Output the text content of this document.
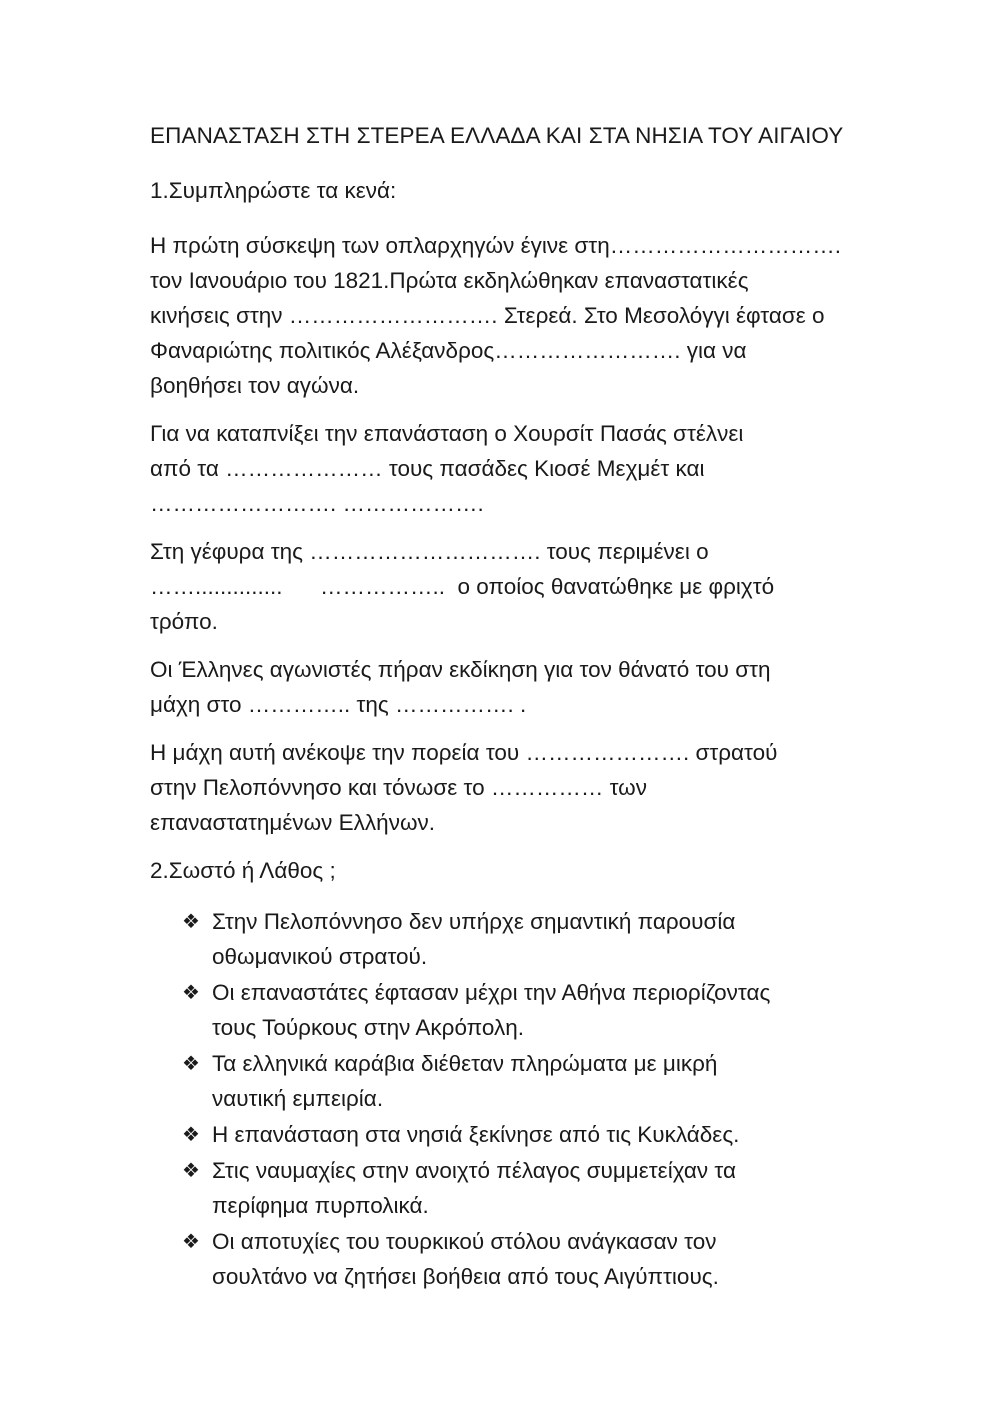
ΕΠΑΝΑΣΤΑΣΗ ΣΤΗ ΣΤΕΡΕΑ ΕΛΛΑΔΑ ΚΑΙ ΣΤΑ ΝΗΣΙΑ ΤΟΥ ΑΙΓΑΙΟΥ
1.Συμπληρώστε τα κενά:
Η πρώτη σύσκεψη των οπλαρχηγών έγινε στη………………………….
τον Ιανουάριο του 1821.Πρώτα εκδηλώθηκαν επαναστατικές
κινήσεις στην ………………………. Στερεά. Στο Μεσολόγγι έφτασε ο
Φαναριώτης πολιτικός Αλέξανδρος……………………. για να
βοηθήσει τον αγώνα.
Για να καταπνίξει την επανάσταση ο Χουρσίτ Πασάς στέλνει
από τα ………………… τους πασάδες Κιοσέ Μεχμέτ και
……………………. ……………….
Στη γέφυρα της …………………………. τους περιμένει ο
……..............      ……………..  ο οποίος θανατώθηκε με φριχτό
τρόπο.
Οι Έλληνες αγωνιστές πήραν εκδίκηση για τον θάνατό του στη
μάχη στο ………….. της ……………. .
Η μάχη αυτή ανέκοψε την πορεία του …………………. στρατού
στην Πελοπόννησο και τόνωσε το …………… των
επαναστατημένων Ελλήνων.
2.Σωστό ή Λάθος ;
❖ Στην Πελοπόννησο δεν υπήρχε σημαντική παρουσία
οθωμανικού στρατού.
❖ Οι επαναστάτες έφτασαν μέχρι την Αθήνα περιορίζοντας
τους Τούρκους στην Ακρόπολη.
❖ Τα ελληνικά καράβια διέθεταν πληρώματα με μικρή
ναυτική εμπειρία.
❖ Η επανάσταση στα νησιά ξεκίνησε από τις Κυκλάδες.
❖ Στις ναυμαχίες στην ανοιχτό πέλαγος συμμετείχαν τα
περίφημα πυρπολικά.
❖ Οι αποτυχίες του τουρκικού στόλου ανάγκασαν τον
σουλτάνο να ζητήσει βοήθεια από τους Αιγύπτιους.
